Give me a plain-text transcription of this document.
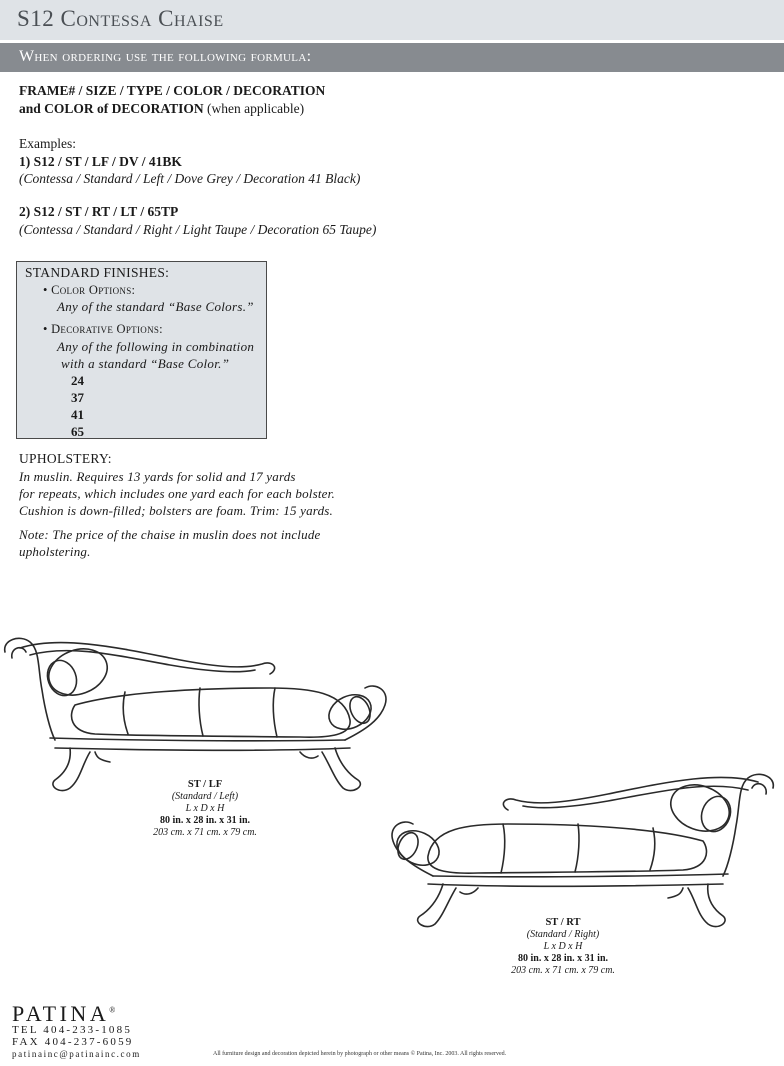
S12 Contessa Chaise
When ordering use the following formula:
FRAME# / SIZE / TYPE / COLOR / DECORATION
and COLOR of DECORATION (when applicable)
Examples:
1) S12 / ST / LF / DV / 41BK
(Contessa / Standard / Left / Dove Grey / Decoration 41 Black)
2) S12 / ST / RT / LT / 65TP
(Contessa / Standard / Right / Light Taupe / Decoration 65 Taupe)
STANDARD FINISHES:
• Color Options:
Any of the standard “Base Colors.”
• Decorative Options:
Any of the following in combination
with a standard “Base Color.”
24
37
41
65
UPHOLSTERY:
In muslin. Requires 13 yards for solid and 17 yards
for repeats, which includes one yard each for each bolster.
Cushion is down-filled; bolsters are foam. Trim: 15 yards.
Note: The price of the chaise in muslin does not include
upholstering.
ST / LF
(Standard / Left)
L x D x H
80 in. x 28 in. x 31 in.
203 cm. x 71 cm. x 79 cm.
ST / RT
(Standard / Right)
L x D x H
80 in. x 28 in. x 31 in.
203 cm. x 71 cm. x 79 cm.
PATINA®
TEL 404-233-1085
FAX 404-237-6059
patinainc@patinainc.com	All furniture design and decoration depicted herein by photograph or other means © Patina, Inc. 2003. All rights reserved.
